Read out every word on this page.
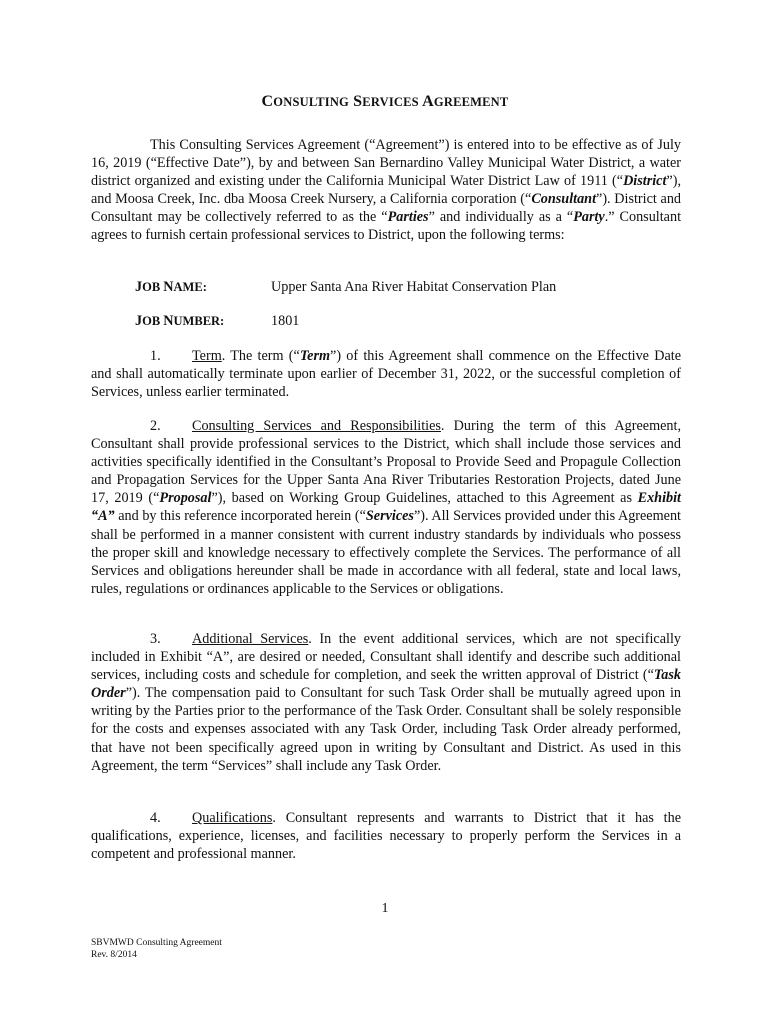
CONSULTING SERVICES AGREEMENT
This Consulting Services Agreement (“Agreement”) is entered into to be effective as of July 16, 2019 (“Effective Date”), by and between San Bernardino Valley Municipal Water District, a water district organized and existing under the California Municipal Water District Law of 1911 (“District”), and Moosa Creek, Inc. dba Moosa Creek Nursery, a California corporation (“Consultant”). District and Consultant may be collectively referred to as the “Parties” and individually as a “Party.” Consultant agrees to furnish certain professional services to District, upon the following terms:
JOB NAME:	Upper Santa Ana River Habitat Conservation Plan
JOB NUMBER:	1801
1. Term. The term (“Term”) of this Agreement shall commence on the Effective Date and shall automatically terminate upon earlier of December 31, 2022, or the successful completion of Services, unless earlier terminated.
2. Consulting Services and Responsibilities. During the term of this Agreement, Consultant shall provide professional services to the District, which shall include those services and activities specifically identified in the Consultant’s Proposal to Provide Seed and Propagule Collection and Propagation Services for the Upper Santa Ana River Tributaries Restoration Projects, dated June 17, 2019 (“Proposal”), based on Working Group Guidelines, attached to this Agreement as Exhibit “A” and by this reference incorporated herein (“Services”). All Services provided under this Agreement shall be performed in a manner consistent with current industry standards by individuals who possess the proper skill and knowledge necessary to effectively complete the Services. The performance of all Services and obligations hereunder shall be made in accordance with all federal, state and local laws, rules, regulations or ordinances applicable to the Services or obligations.
3. Additional Services. In the event additional services, which are not specifically included in Exhibit “A”, are desired or needed, Consultant shall identify and describe such additional services, including costs and schedule for completion, and seek the written approval of District (“Task Order”). The compensation paid to Consultant for such Task Order shall be mutually agreed upon in writing by the Parties prior to the performance of the Task Order. Consultant shall be solely responsible for the costs and expenses associated with any Task Order, including Task Order already performed, that have not been specifically agreed upon in writing by Consultant and District. As used in this Agreement, the term “Services” shall include any Task Order.
4. Qualifications. Consultant represents and warrants to District that it has the qualifications, experience, licenses, and facilities necessary to properly perform the Services in a competent and professional manner.
1
SBVMWD Consulting Agreement
Rev. 8/2014
